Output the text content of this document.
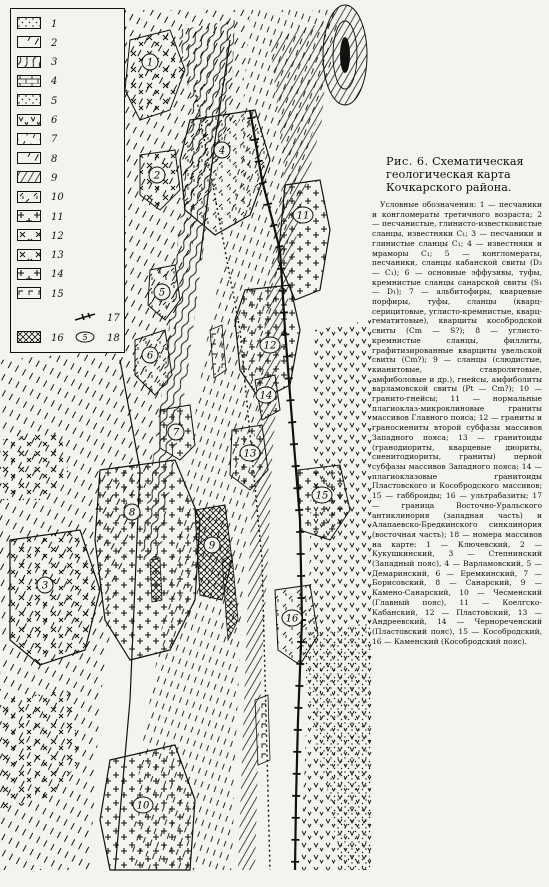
1
2
3
4
5
6
7
8
9
10
11
12
13
14
15
16
1
2
3
4
5
6
7
8
9
10
11
12
13
14
15
16
17
5 18

Рис. 6. Схематическая геологическая карта Кочкарского района.

Условные обозначения: 1 — песчаники и конгломераты третичного возраста; 2 — песчанистые, глинисто-известковистые сланцы, известняки C₁; 3 — песчаники и глинистые сланцы C₁; 4 — известняки и мраморы C₁; 5 — конгломераты, песчаники, сланцы кабанской свиты (D₃ — C₁); 6 — основные эффузивы, туфы, кремнистые сланцы санарской свиты (S₁ — D₁); 7 — альбитофиры, кварцевые порфиры, туфы, сланцы (кварц-серицитовые, углисто-кремнистые, кварц-гематитовые), кварциты кособродской свиты (Cm — S?); 8 — углисто-кремнистые сланцы, филлиты, графитизированные кварциты увельской свиты (Cm?); 9 — сланцы (слюдистые, кианитовые, ставролитовые, амфиболовые и др.), гнейсы, амфиболиты варламовской свиты (Pt — Cm?); 10 — гранито-гнейсы; 11 — нормальные плагиоклаз-микроклиновые граниты массивов Главного пояса; 12 — граниты и граносиениты второй субфазы массивов Западного пояса; 13 — гранитоиды (гранодиориты, кварцевые диориты, сиенитодиориты, граниты) первой субфазы массивов Западного пояса; 14 — плагиоклазовые гранитоиды Пластовского и Кособродского массивов; 15 — габброиды; 16 — ультрабазиты; 17 — граница Восточно-Уральского антиклинория (западная часть) и Алапаевско-Бредкинского синклинория (восточная часть); 18 — номера массивов на карте: 1 — Ключевский, 2 — Кукушкинский, 3 — Степнинский (Западный пояс), 4 — Варламовский, 5 — Демаринский, 6 — Еремкинский, 7 — Борисовский, 8 — Санарский, 9 — Камено-Санарский, 10 — Чесменский (Главный пояс), 11 — Коелгско-Кабанский, 12 — Пластовский, 13 — Андреевский, 14 — Чернореченский (Пластовский пояс), 15 — Кособродский, 16 — Каменский (Кособродский пояс).
